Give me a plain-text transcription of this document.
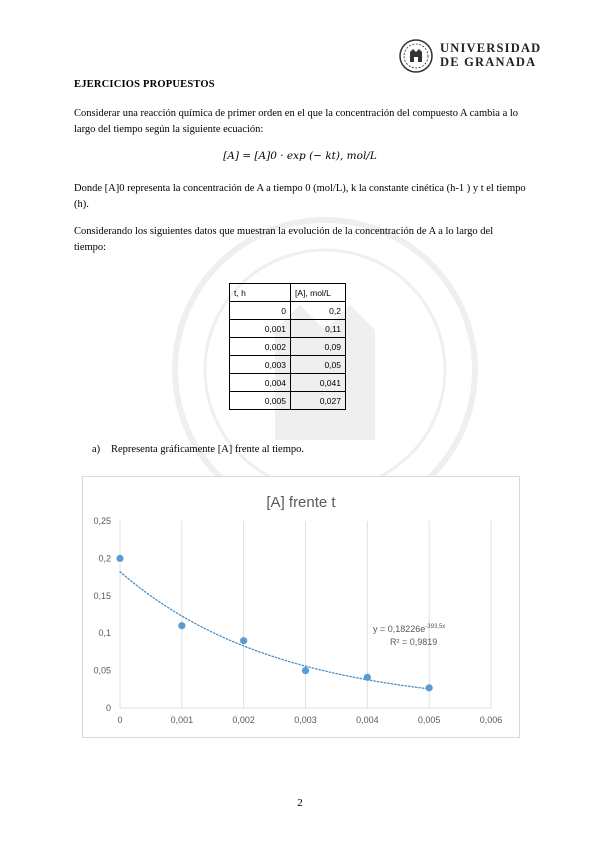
UNIVERSIDAD
DE GRANADA
EJERCICIOS PROPUESTOS
Considerar una reacción química de primer orden en el que la concentración del compuesto A cambia a lo largo del tiempo según la siguiente ecuación:
[A] = [A]0 · exp (− kt), mol/L
Donde [A]0 representa la concentración de A a tiempo 0 (mol/L), k la constante cinética (h-1 ) y t el tiempo (h).
Considerando los siguientes datos que muestran la evolución de la concentración de A a lo largo del tiempo:
t, h	[A], mol/L
0	0,2
0,001	0,11
0,002	0,09
0,003	0,05
0,004	0,041
0,005	0,027
a) Representa gráficamente [A] frente al tiempo.
[A] frente t
0
0,05
0,1
0,15
0,2
0,25
0	0,001	0,002	0,003	0,004	0,005	0,006
$y = 0,18226e^{-393,5x}$
R² = 0,9819
2
